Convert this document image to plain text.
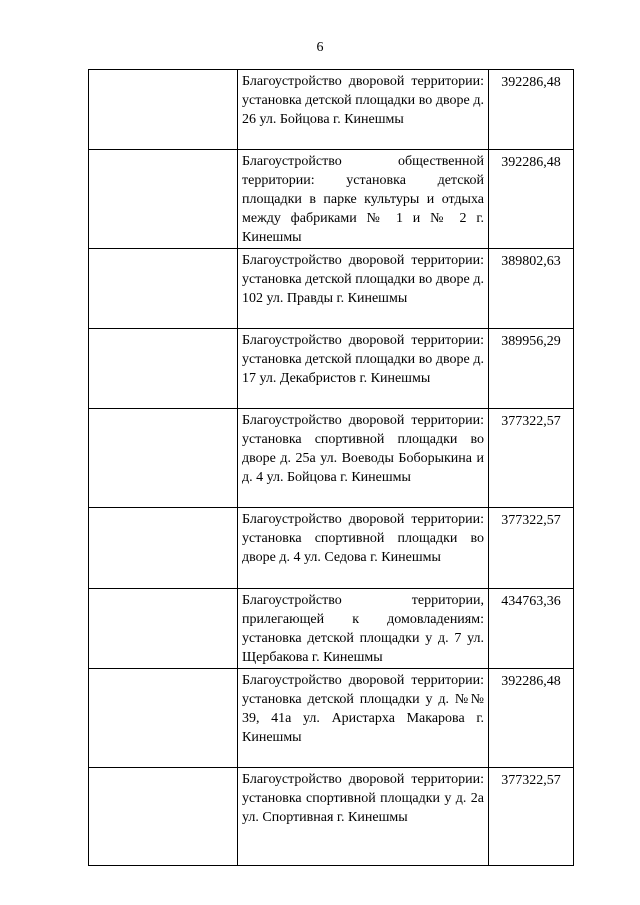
6
	Благоустройство дворовой территории: установка детской площадки во дворе д. 26 ул. Бойцова г. Кинешмы	392286,48
	Благоустройство общественной территории: установка детской площадки в парке культуры и отдыха между фабриками № 1 и № 2 г. Кинешмы	392286,48
	Благоустройство дворовой территории: установка детской площадки во дворе д. 102 ул. Правды г. Кинешмы	389802,63
	Благоустройство дворовой территории: установка детской площадки во дворе д. 17 ул. Декабристов г. Кинешмы	389956,29
	Благоустройство дворовой территории: установка спортивной площадки во дворе д. 25а ул. Воеводы Боборыкина и д. 4 ул. Бойцова г. Кинешмы	377322,57
	Благоустройство дворовой территории: установка спортивной площадки во дворе д. 4 ул. Седова г. Кинешмы	377322,57
	Благоустройство территории, прилегающей к домовладениям: установка детской площадки у д. 7 ул. Щербакова г. Кинешмы	434763,36
	Благоустройство дворовой территории: установка детской площадки у д. №№ 39, 41а ул. Аристарха Макарова г. Кинешмы	392286,48
	Благоустройство дворовой территории: установка спортивной площадки у д. 2а ул. Спортивная г. Кинешмы	377322,57
